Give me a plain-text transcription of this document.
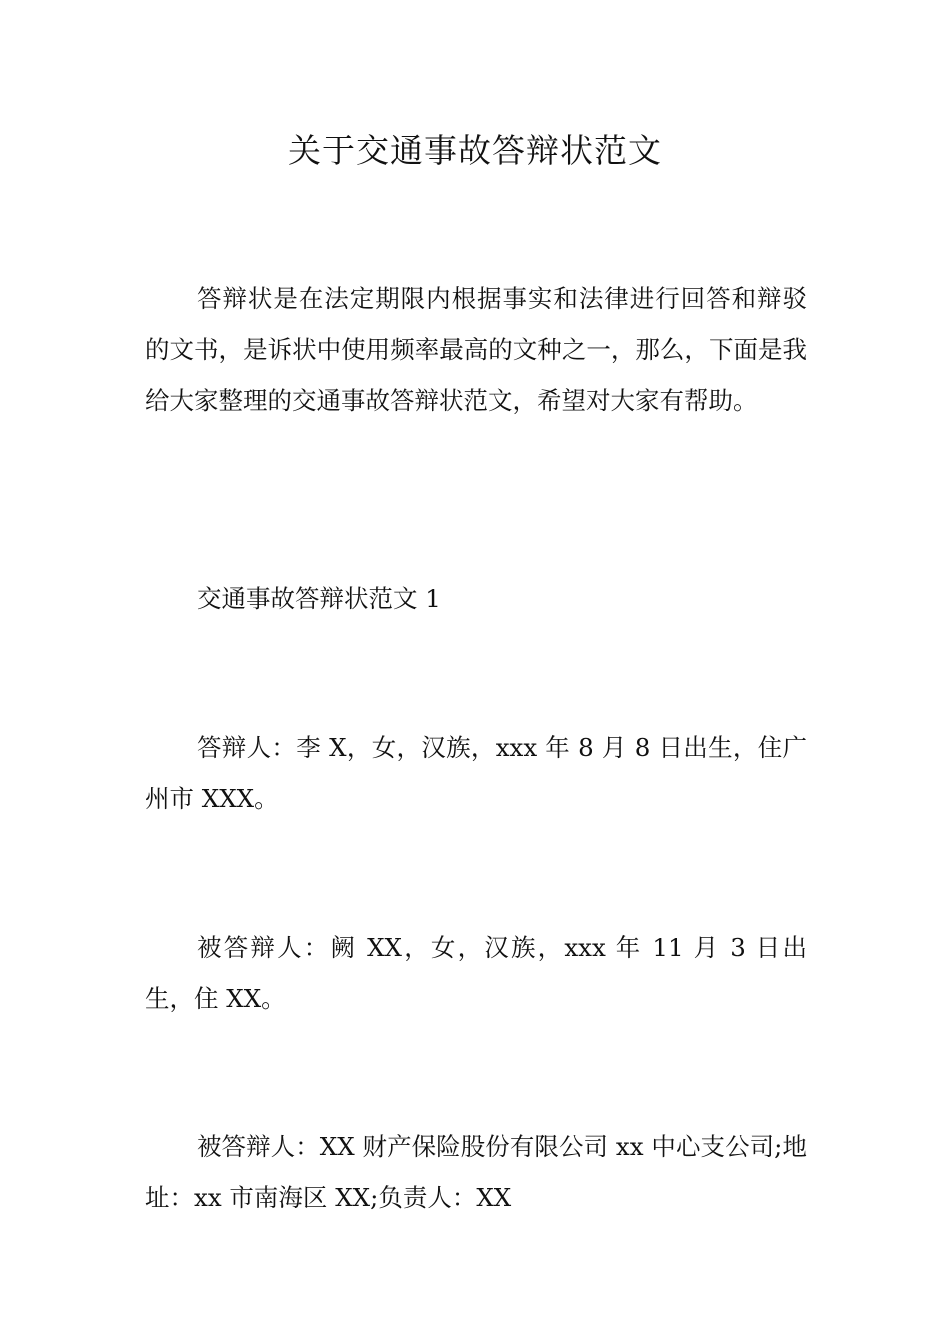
关于交通事故答辩状范文

答辩状是在法定期限内根据事实和法律进行回答和辩驳的文书，是诉状中使用频率最高的文种之一，那么，下面是我给大家整理的交通事故答辩状范文，希望对大家有帮助。

交通事故答辩状范文 1

答辩人：李 X，女，汉族，xxx 年 8 月 8 日出生，住广州市 XXX。

被答辩人：阙 XX，女，汉族，xxx 年 11 月 3 日出生，住 XX。

被答辩人：XX 财产保险股份有限公司 xx 中心支公司;地址：xx 市南海区 XX;负责人：XX
